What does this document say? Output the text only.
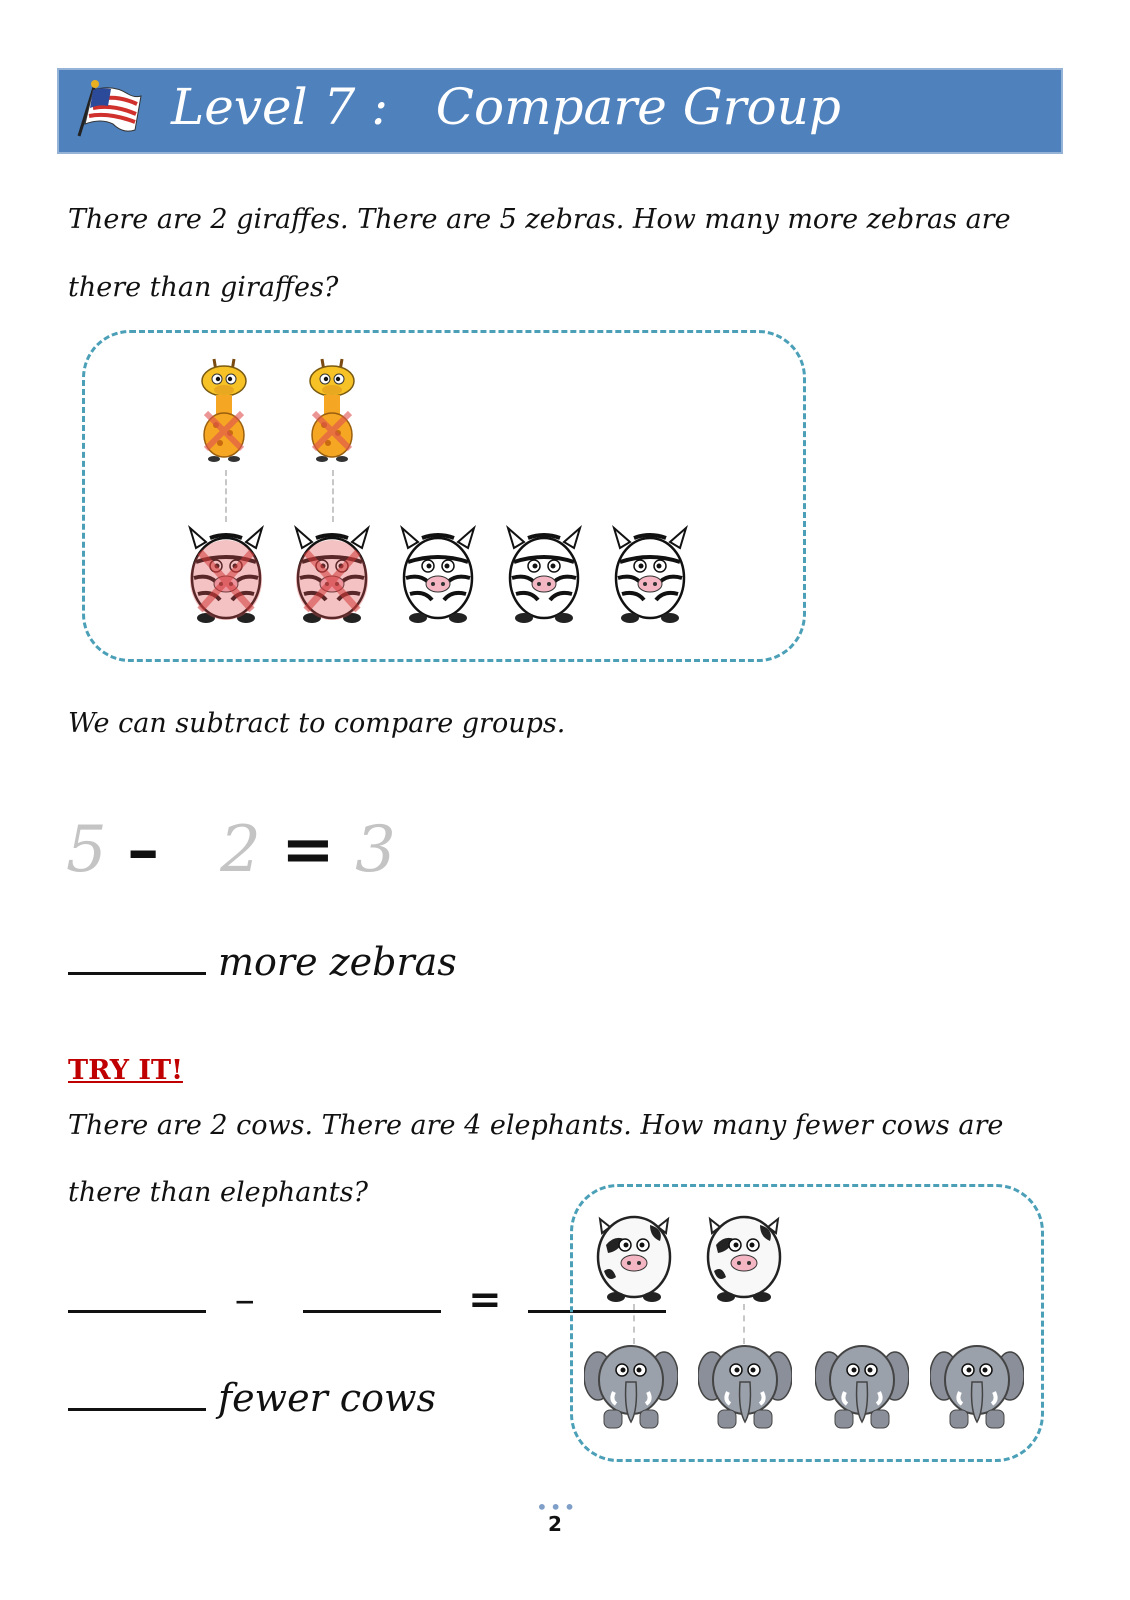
Level 7 :   Compare Group
There are 2 giraffes. There are 5 zebras. How many more zebras are
there than giraffes?
We can subtract to compare groups.
5 – 2 = 3
more zebras
TRY IT!
There are 2 cows. There are 4 elephants. How many fewer cows are
there than elephants?
–	=
fewer cows
•••
2
